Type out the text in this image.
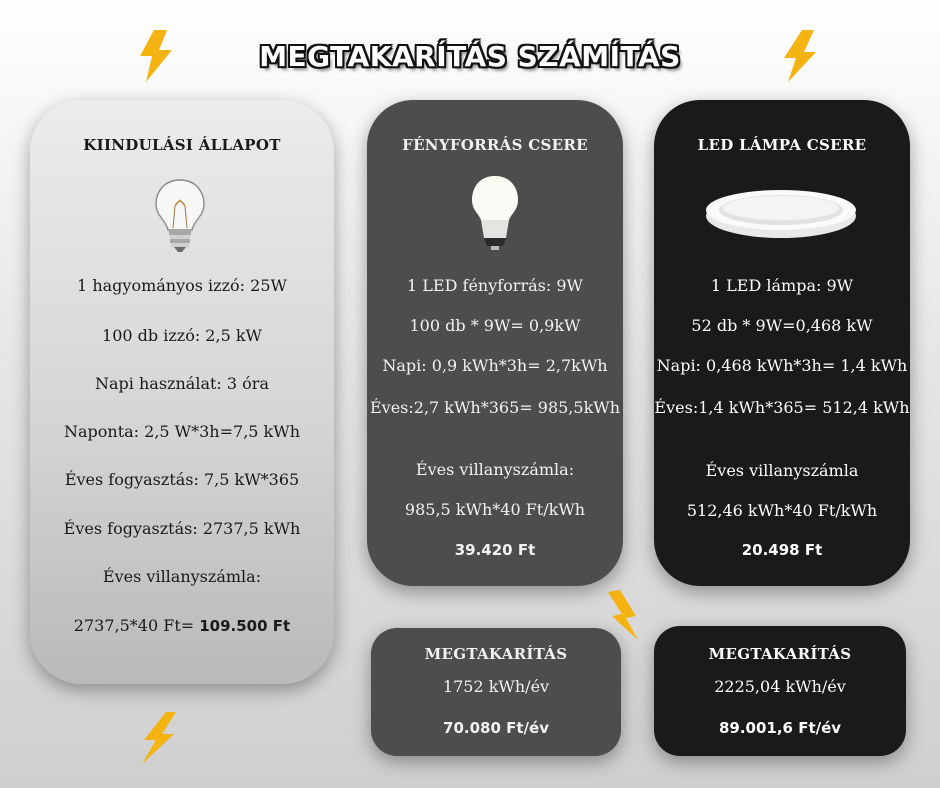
MEGTAKARÍTÁS SZÁMÍTÁS
KIINDULÁSI ÁLLAPOT
1 hagyományos izzó: 25W
100 db izzó: 2,5 kW
Napi használat: 3 óra
Naponta: 2,5 W*3h=7,5 kWh
Éves fogyasztás: 7,5 kW*365
Éves fogyasztás: 2737,5 kWh
Éves villanyszámla:
2737,5*40 Ft= 109.500 Ft
FÉNYFORRÁS CSERE
1 LED fényforrás: 9W
100 db * 9W= 0,9kW
Napi: 0,9 kWh*3h= 2,7kWh
Éves:2,7 kWh*365= 985,5kWh
Éves villanyszámla:
985,5 kWh*40 Ft/kWh
39.420 Ft
LED LÁMPA CSERE
1 LED lámpa: 9W
52 db * 9W=0,468 kW
Napi: 0,468 kWh*3h= 1,4 kWh
Éves:1,4 kWh*365= 512,4 kWh
Éves villanyszámla
512,46 kWh*40 Ft/kWh
20.498 Ft
MEGTAKARÍTÁS
1752 kWh/év
70.080 Ft/év
MEGTAKARÍTÁS
2225,04 kWh/év
89.001,6 Ft/év
